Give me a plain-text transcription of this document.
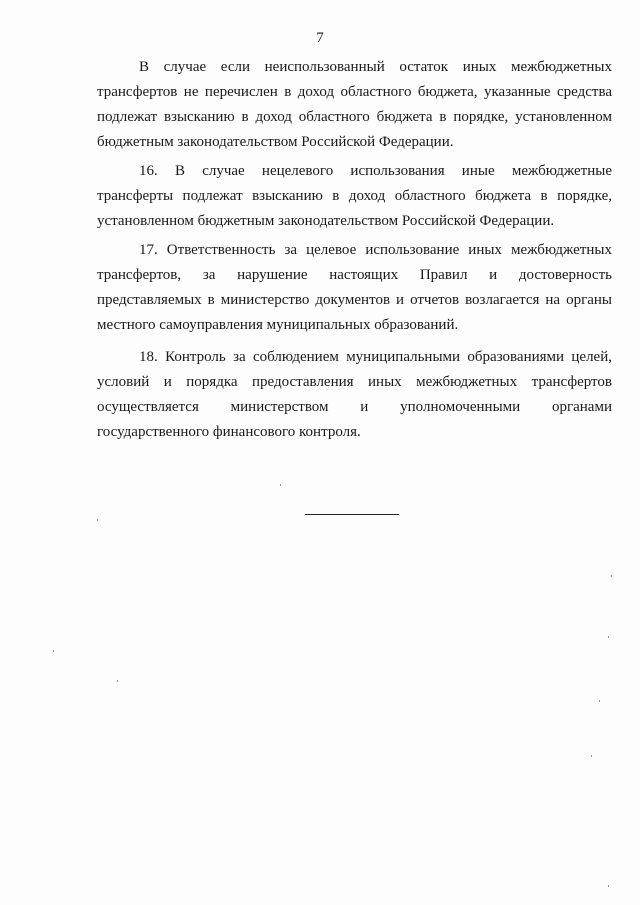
7
В случае если неиспользованный остаток иных межбюджетных
трансфертов не перечислен в доход областного бюджета, указанные средства
подлежат взысканию в доход областного бюджета в порядке, установленном
бюджетным законодательством Российской Федерации.
16. В случае нецелевого использования иные межбюджетные
трансферты подлежат взысканию в доход областного бюджета в порядке,
установленном бюджетным законодательством Российской Федерации.
17. Ответственность за целевое использование иных межбюджетных
трансфертов, за нарушение настоящих Правил и достоверность
представляемых в министерство документов и отчетов возлагается на органы
местного самоуправления муниципальных образований.
18. Контроль за соблюдением муниципальными образованиями целей,
условий и порядка предоставления иных межбюджетных трансфертов
осуществляется министерством и уполномоченными органами
государственного финансового контроля.
